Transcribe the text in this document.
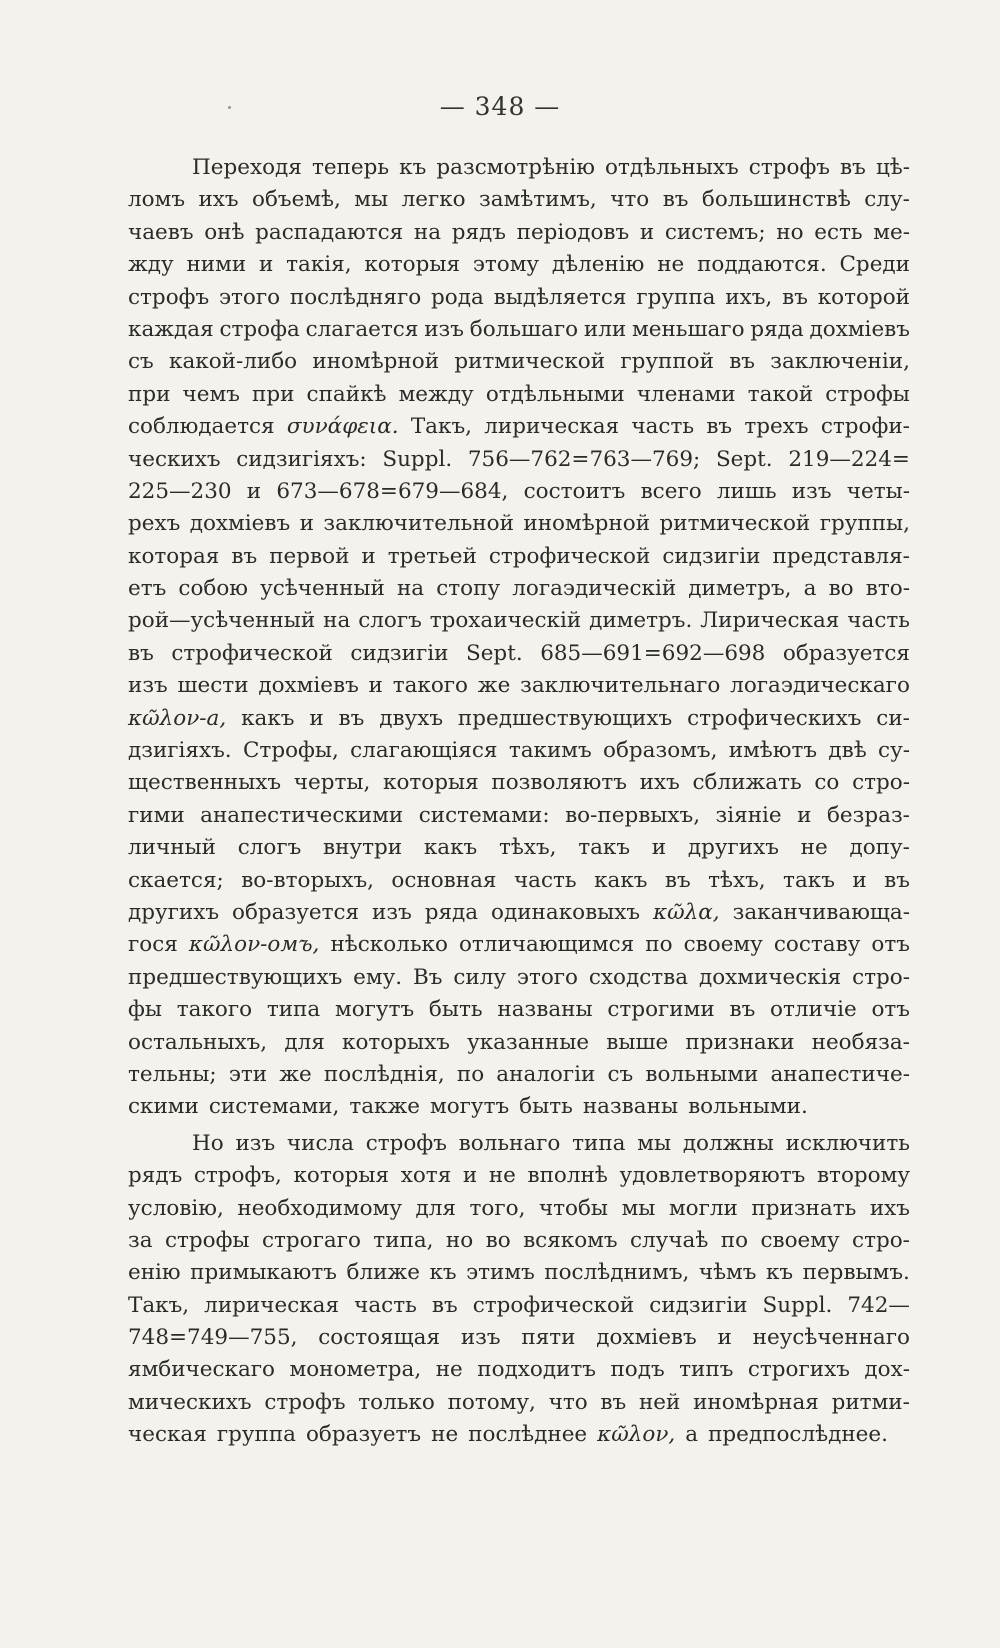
— 348 —
Переходя теперь къ разсмотрѣнію отдѣльныхъ строфъ въ цѣ-
ломъ ихъ объемѣ, мы легко замѣтимъ, что въ большинствѣ слу-
чаевъ онѣ распадаются на рядъ періодовъ и системъ; но есть ме-
жду ними и такія, которыя этому дѣленію не поддаются. Среди
строфъ этого послѣдняго рода выдѣляется группа ихъ, въ которой
каждая строфа слагается изъ большаго или меньшаго ряда дохміевъ
съ какой-либо иномѣрной ритмической группой въ заключеніи,
при чемъ при спайкѣ между отдѣльными членами такой строфы
соблюдается συνάφεια. Такъ, лирическая часть въ трехъ строфи-
ческихъ сидзигіяхъ: Suppl. 756—762=763—769; Sept. 219—224=
225—230 и 673—678=679—684, состоитъ всего лишь изъ четы-
рехъ дохміевъ и заключительной иномѣрной ритмической группы,
которая въ первой и третьей строфической сидзигіи представля-
етъ собою усѣченный на стопу логаэдическій диметръ, а во вто-
рой—усѣченный на слогъ трохаическій диметръ. Лирическая часть
въ строфической сидзигіи Sept. 685—691=692—698 образуется
изъ шести дохміевъ и такого же заключительнаго логаэдическаго
κῶλον-а, какъ и въ двухъ предшествующихъ строфическихъ си-
дзигіяхъ. Строфы, слагающіяся такимъ образомъ, имѣютъ двѣ су-
щественныхъ черты, которыя позволяютъ ихъ сближать со стро-
гими анапестическими системами: во-первыхъ, зіяніе и безраз-
личный слогъ внутри какъ тѣхъ, такъ и другихъ не допу-
скается; во-вторыхъ, основная часть какъ въ тѣхъ, такъ и въ
другихъ образуется изъ ряда одинаковыхъ κῶλα, заканчивающа-
гося κῶλον-омъ, нѣсколько отличающимся по своему составу отъ
предшествующихъ ему. Въ силу этого сходства дохмическія стро-
фы такого типа могутъ быть названы строгими въ отличіе отъ
остальныхъ, для которыхъ указанные выше признаки необяза-
тельны; эти же послѣднія, по аналогіи съ вольными анапестиче-
скими системами, также могутъ быть названы вольными.
Но изъ числа строфъ вольнаго типа мы должны исключить
рядъ строфъ, которыя хотя и не вполнѣ удовлетворяютъ второму
условію, необходимому для того, чтобы мы могли признать ихъ
за строфы строгаго типа, но во всякомъ случаѣ по своему стро-
енію примыкаютъ ближе къ этимъ послѣднимъ, чѣмъ къ первымъ.
Такъ, лирическая часть въ строфической сидзигіи Suppl. 742—
748=749—755, состоящая изъ пяти дохміевъ и неусѣченнаго
ямбическаго монометра, не подходитъ подъ типъ строгихъ дох-
мическихъ строфъ только потому, что въ ней иномѣрная ритми-
ческая группа образуетъ не послѣднее κῶλον, а предпослѣднее.
